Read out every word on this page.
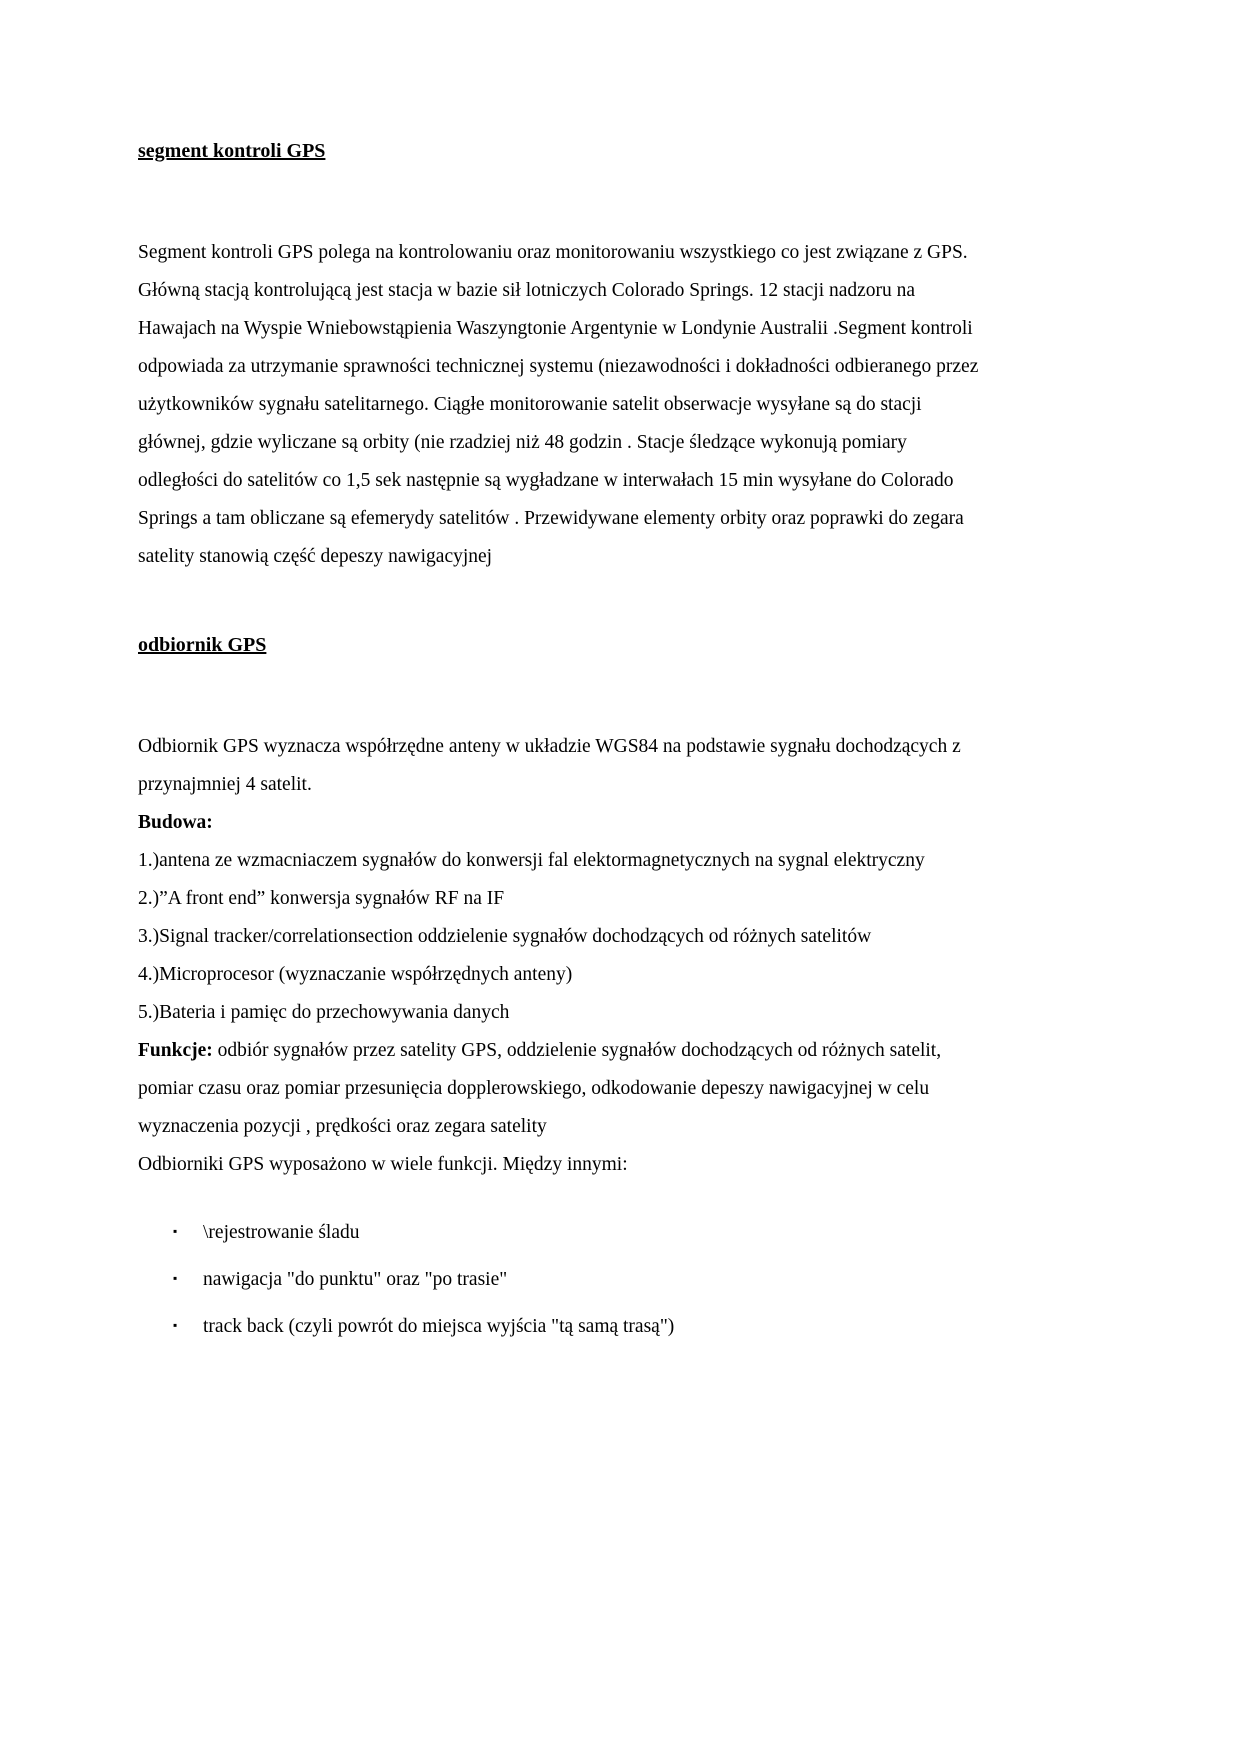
segment kontroli GPS

Segment kontroli GPS polega na kontrolowaniu oraz monitorowaniu wszystkiego co jest związane z GPS. Główną stacją kontrolującą jest stacja w bazie sił lotniczych Colorado Springs. 12 stacji nadzoru na Hawajach na Wyspie Wniebowstąpienia Waszyngtonie Argentynie w Londynie Australii .Segment kontroli odpowiada za utrzymanie sprawności technicznej systemu (niezawodności i dokładności odbieranego przez użytkowników sygnału satelitarnego. Ciągłe monitorowanie satelit obserwacje wysyłane są do stacji głównej, gdzie wyliczane są orbity (nie rzadziej niż 48 godzin . Stacje śledzące wykonują pomiary odległości do satelitów co 1,5 sek następnie są wygładzane w interwałach 15 min wysyłane do Colorado Springs a tam obliczane są efemerydy satelitów . Przewidywane elementy orbity oraz poprawki do zegara satelity stanowią część depeszy nawigacyjnej

odbiornik GPS

Odbiornik GPS wyznacza współrzędne anteny w układzie WGS84 na podstawie sygnału dochodzących z przynajmniej 4 satelit.

Budowa:

1.)antena ze wzmacniaczem sygnałów do konwersji fal elektormagnetycznych na sygnal elektryczny

2.)”A front end” konwersja sygnałów RF na IF

3.)Signal tracker/correlationsection oddzielenie sygnałów dochodzących od różnych satelitów

4.)Microprocesor (wyznaczanie współrzędnych anteny)

5.)Bateria i pamięc do przechowywania danych

Funkcje: odbiór sygnałów przez satelity GPS, oddzielenie sygnałów dochodzących od różnych satelit, pomiar czasu oraz pomiar przesunięcia dopplerowskiego, odkodowanie depeszy nawigacyjnej w celu wyznaczenia pozycji , prędkości oraz zegara satelity

Odbiorniki GPS wyposażono w wiele funkcji. Między innymi:

▪	\rejestrowanie śladu
▪	nawigacja "do punktu" oraz "po trasie"
▪	track back (czyli powrót do miejsca wyjścia "tą samą trasą")
